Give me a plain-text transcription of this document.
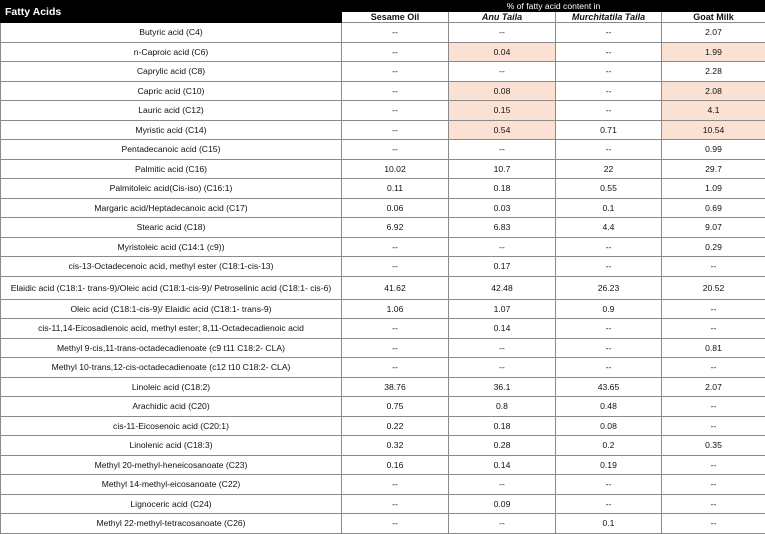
Fatty Acids	% of fatty acid content in			
	Sesame Oil	Anu Taila	Murchitatila Taila	Goat Milk
Butyric acid (C4)	--	--	--	2.07
n-Caproic acid (C6)	--	0.04	--	1.99
Caprylic acid (C8)	--	--	--	2.28
Capric acid (C10)	--	0.08	--	2.08
Lauric acid (C12)	--	0.15	--	4.1
Myristic acid (C14)	--	0.54	0.71	10.54
Pentadecanoic acid (C15)	--	--	--	0.99
Palmitic acid (C16)	10.02	10.7	22	29.7
Palmitoleic acid(Cis-iso) (C16:1)	0.11	0.18	0.55	1.09
Margaric acid/Heptadecanoic acid (C17)	0.06	0.03	0.1	0.69
Stearic acid (C18)	6.92	6.83	4.4	9.07
Myristoleic acid (C14:1 (c9))	--	--	--	0.29
cis-13-Octadecenoic acid, methyl ester (C18:1-cis-13)	--	0.17	--	--
Elaidic acid (C18:1- trans-9)/Oleic acid (C18:1-cis-9)/ Petroselinic acid (C18:1- cis-6)	41.62	42.48	26.23	20.52
Oleic acid (C18:1-cis-9)/ Elaidic acid (C18:1- trans-9)	1.06	1.07	0.9	--
cis-11,14-Eicosadienoic acid, methyl ester; 8,11-Octadecadienoic acid	--	0.14	--	--
Methyl 9-cis,11-trans-octadecadienoate (c9 t11 C18:2- CLA)	--	--	--	0.81
Methyl 10-trans,12-cis-octadecadienoate (c12 t10 C18:2- CLA)	--	--	--	--
Linoleic acid (C18:2)	38.76	36.1	43.65	2.07
Arachidic acid (C20)	0.75	0.8	0.48	--
cis-11-Eicosenoic acid (C20:1)	0.22	0.18	0.08	--
Linolenic acid (C18:3)	0.32	0.28	0.2	0.35
Methyl 20-methyl-heneicosanoate (C23)	0.16	0.14	0.19	--
Methyl 14-methyl-eicosanoate (C22)	--	--	--	--
Lignoceric acid (C24)	--	0.09	--	--
Methyl 22-methyl-tetracosanoate (C26)	--	--	0.1	--
